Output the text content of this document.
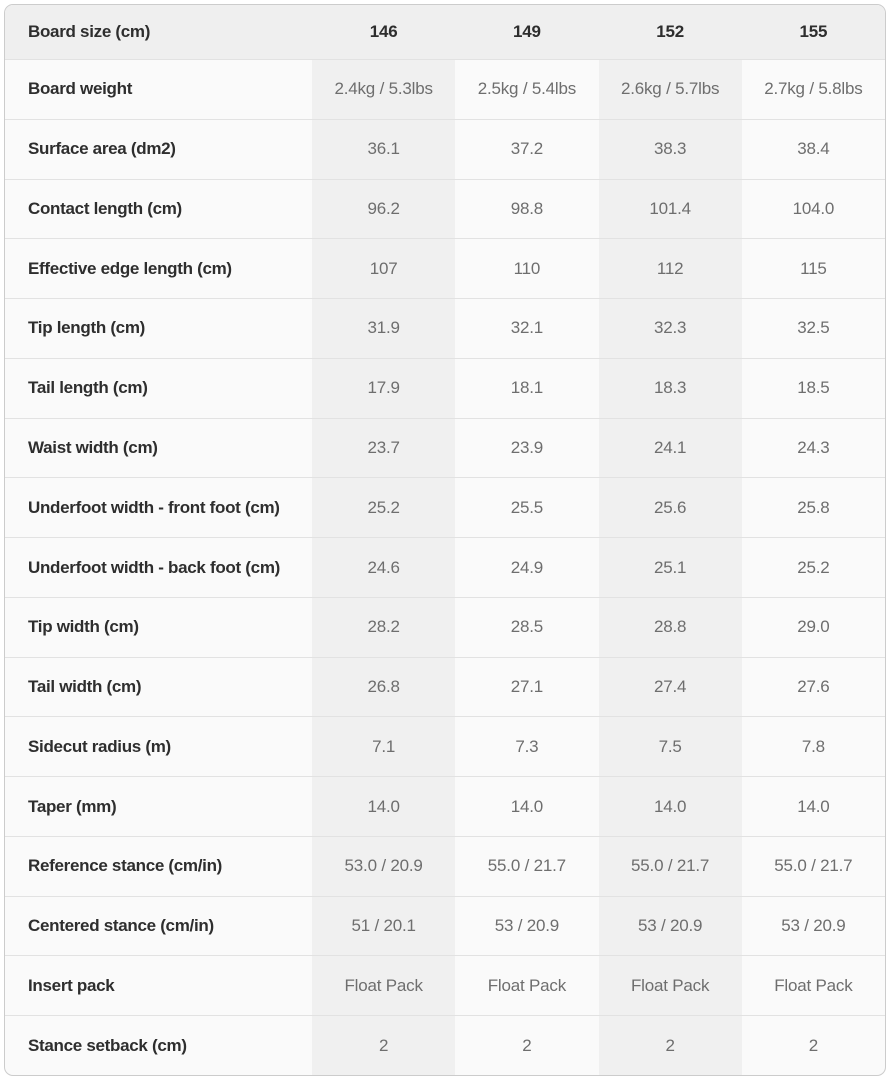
Board size (cm)	146	149	152	155
Board weight	2.4kg / 5.3lbs	2.5kg / 5.4lbs	2.6kg / 5.7lbs	2.7kg / 5.8lbs
Surface area (dm2)	36.1	37.2	38.3	38.4
Contact length (cm)	96.2	98.8	101.4	104.0
Effective edge length (cm)	107	110	112	115
Tip length (cm)	31.9	32.1	32.3	32.5
Tail length (cm)	17.9	18.1	18.3	18.5
Waist width (cm)	23.7	23.9	24.1	24.3
Underfoot width - front foot (cm)	25.2	25.5	25.6	25.8
Underfoot width - back foot (cm)	24.6	24.9	25.1	25.2
Tip width (cm)	28.2	28.5	28.8	29.0
Tail width (cm)	26.8	27.1	27.4	27.6
Sidecut radius (m)	7.1	7.3	7.5	7.8
Taper (mm)	14.0	14.0	14.0	14.0
Reference stance (cm/in)	53.0 / 20.9	55.0 / 21.7	55.0 / 21.7	55.0 / 21.7
Centered stance (cm/in)	51 / 20.1	53 / 20.9	53 / 20.9	53 / 20.9
Insert pack	Float Pack	Float Pack	Float Pack	Float Pack
Stance setback (cm)	2	2	2	2
